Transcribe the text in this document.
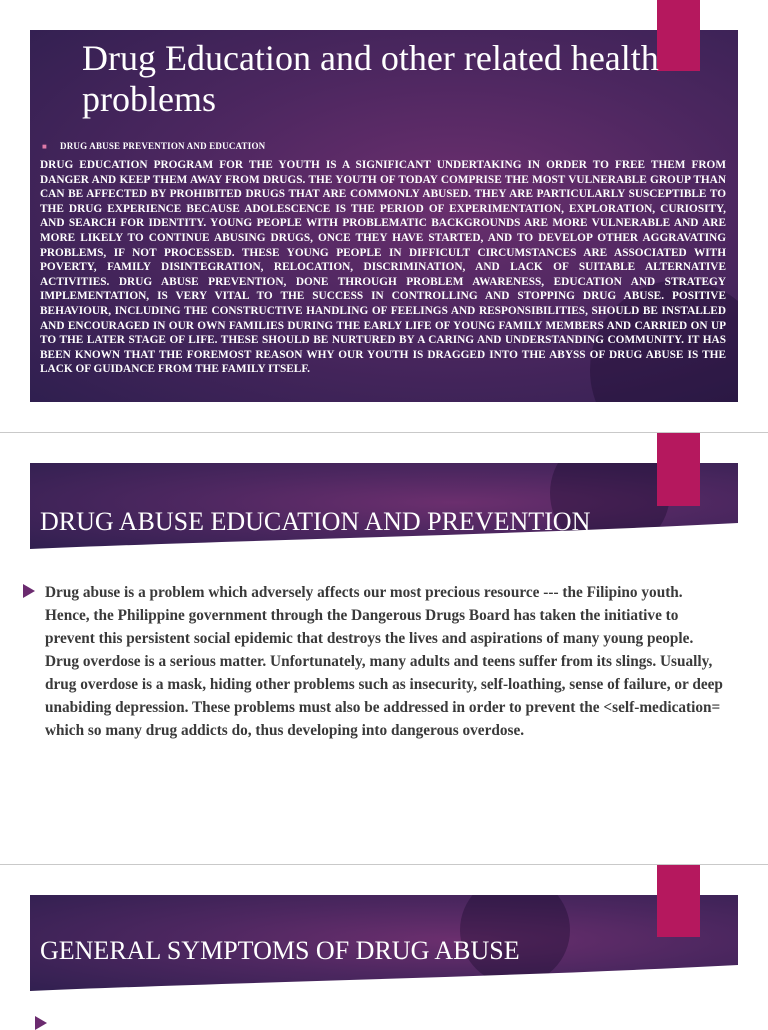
Drug Education and other related health problems
■ DRUG ABUSE PREVENTION AND EDUCATION

DRUG EDUCATION PROGRAM FOR THE YOUTH IS A SIGNIFICANT UNDERTAKING IN ORDER TO FREE THEM FROM DANGER AND KEEP THEM AWAY FROM DRUGS. THE YOUTH OF TODAY COMPRISE THE MOST VULNERABLE GROUP THAN CAN BE AFFECTED BY PROHIBITED DRUGS THAT ARE COMMONLY ABUSED. THEY ARE PARTICULARLY SUSCEPTIBLE TO THE DRUG EXPERIENCE BECAUSE ADOLESCENCE IS THE PERIOD OF EXPERIMENTATION, EXPLORATION, CURIOSITY, AND SEARCH FOR IDENTITY. YOUNG PEOPLE WITH PROBLEMATIC BACKGROUNDS ARE MORE VULNERABLE AND ARE MORE LIKELY TO CONTINUE ABUSING DRUGS, ONCE THEY HAVE STARTED, AND TO DEVELOP OTHER AGGRAVATING PROBLEMS, IF NOT PROCESSED. THESE YOUNG PEOPLE IN DIFFICULT CIRCUMSTANCES ARE ASSOCIATED WITH POVERTY, FAMILY DISINTEGRATION, RELOCATION, DISCRIMINATION, AND LACK OF SUITABLE ALTERNATIVE ACTIVITIES. DRUG ABUSE PREVENTION, DONE THROUGH PROBLEM AWARENESS, EDUCATION AND STRATEGY IMPLEMENTATION, IS VERY VITAL TO THE SUCCESS IN CONTROLLING AND STOPPING DRUG ABUSE. POSITIVE BEHAVIOUR, INCLUDING THE CONSTRUCTIVE HANDLING OF FEELINGS AND RESPONSIBILITIES, SHOULD BE INSTALLED AND ENCOURAGED IN OUR OWN FAMILIES DURING THE EARLY LIFE OF YOUNG FAMILY MEMBERS AND CARRIED ON UP TO THE LATER STAGE OF LIFE. THESE SHOULD BE NURTURED BY A CARING AND UNDERSTANDING COMMUNITY. IT HAS BEEN KNOWN THAT THE FOREMOST REASON WHY OUR YOUTH IS DRAGGED INTO THE ABYSS OF DRUG ABUSE IS THE LACK OF GUIDANCE FROM THE FAMILY ITSELF.

DRUG ABUSE EDUCATION AND PREVENTION

Drug abuse is a problem which adversely affects our most precious resource --- the Filipino youth. Hence, the Philippine government through the Dangerous Drugs Board has taken the initiative to prevent this persistent social epidemic that destroys the lives and aspirations of many young people. Drug overdose is a serious matter. Unfortunately, many adults and teens suffer from its slings. Usually, drug overdose is a mask, hiding other problems such as insecurity, self-loathing, sense of failure, or deep unabiding depression. These problems must also be addressed in order to prevent the <self-medication= which so many drug addicts do, thus developing into dangerous overdose.

GENERAL SYMPTOMS OF DRUG ABUSE
